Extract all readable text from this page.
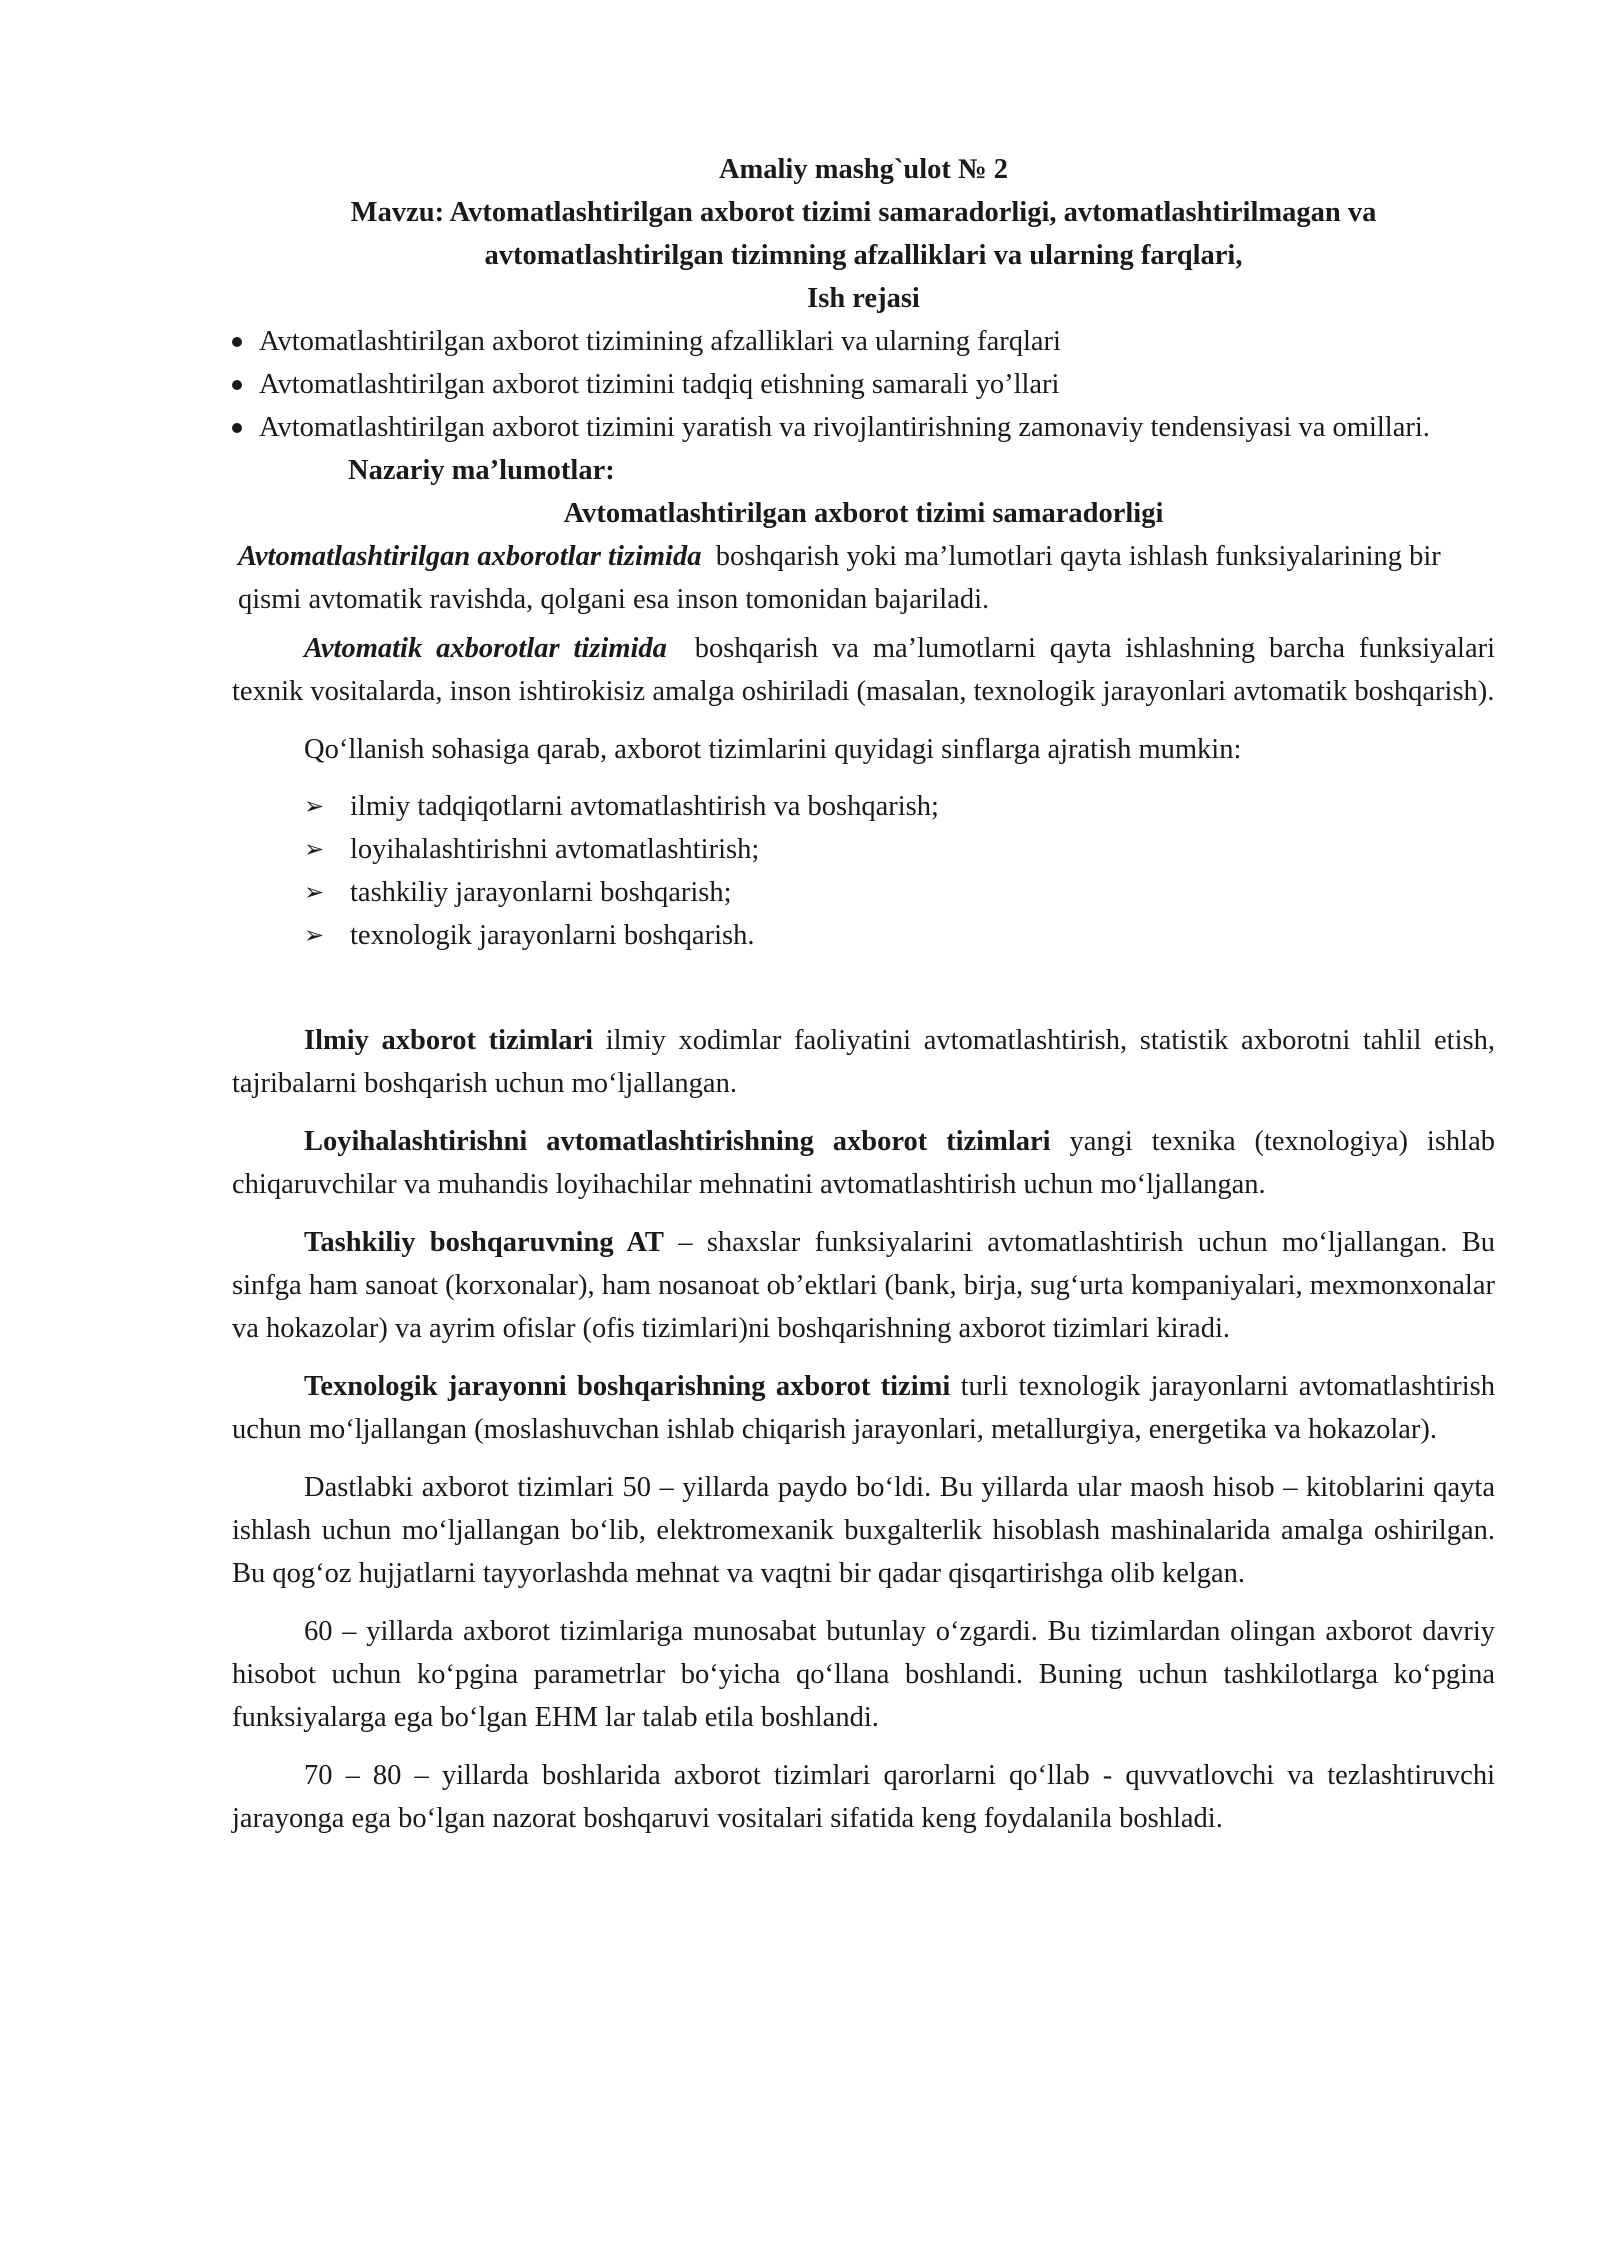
Amaliy mashg`ulot № 2
Mavzu: Avtomatlashtirilgan axborot tizimi samaradorligi, avtomatlashtirilmagan va
avtomatlashtirilgan tizimning afzalliklari va ularning farqlari,
Ish rejasi
Avtomatlashtirilgan axborot tizimining afzalliklari va ularning farqlari
Avtomatlashtirilgan axborot tizimini tadqiq etishning samarali yo’llari
Avtomatlashtirilgan axborot tizimini yaratish va rivojlantirishning zamonaviy tendensiyasi va omillari.
Nazariy ma’lumotlar:
Avtomatlashtirilgan axborot tizimi samaradorligi

Avtomatlashtirilgan axborotlar tizimida boshqarish yoki ma’lumotlari qayta ishlash funksiyalarining bir qismi avtomatik ravishda, qolgani esa inson tomonidan bajariladi.

Avtomatik axborotlar tizimida boshqarish va ma’lumotlarni qayta ishlashning barcha funksiyalari texnik vositalarda, inson ishtirokisiz amalga oshiriladi (masalan, texnologik jarayonlari avtomatik boshqarish).

Qo‘llanish sohasiga qarab, axborot tizimlarini quyidagi sinflarga ajratish mumkin:

➢ ilmiy tadqiqotlarni avtomatlashtirish va boshqarish;
➢ loyihalashtirishni avtomatlashtirish;
➢ tashkiliy jarayonlarni boshqarish;
➢ texnologik jarayonlarni boshqarish.

Ilmiy axborot tizimlari ilmiy xodimlar faoliyatini avtomatlashtirish, statistik axborotni tahlil etish, tajribalarni boshqarish uchun mo‘ljallangan.

Loyihalashtirishni avtomatlashtirishning axborot tizimlari yangi texnika (texnologiya) ishlab chiqaruvchilar va muhandis loyihachilar mehnatini avtomatlashtirish uchun mo‘ljallangan.

Tashkiliy boshqaruvning AT – shaxslar funksiyalarini avtomatlashtirish uchun mo‘ljallangan. Bu sinfga ham sanoat (korxonalar), ham nosanoat ob’ektlari (bank, birja, sug‘urta kompaniyalari, mexmonxonalar va hokazolar) va ayrim ofislar (ofis tizimlari)ni boshqarishning axborot tizimlari kiradi.

Texnologik jarayonni boshqarishning axborot tizimi turli texnologik jarayonlarni avtomatlashtirish uchun mo‘ljallangan (moslashuvchan ishlab chiqarish jarayonlari, metallurgiya, energetika va hokazolar).

Dastlabki axborot tizimlari 50 – yillarda paydo bo‘ldi. Bu yillarda ular maosh hisob – kitoblarini qayta ishlash uchun mo‘ljallangan bo‘lib, elektromexanik buxgalterlik hisoblash mashinalarida amalga oshirilgan. Bu qog‘oz hujjatlarni tayyorlashda mehnat va vaqtni bir qadar qisqartirishga olib kelgan.

60 – yillarda axborot tizimlariga munosabat butunlay o‘zgardi. Bu tizimlardan olingan axborot davriy hisobot uchun ko‘pgina parametrlar bo‘yicha qo‘llana boshlandi. Buning uchun tashkilotlarga ko‘pgina funksiyalarga ega bo‘lgan EHM lar talab etila boshlandi.

70 – 80 – yillarda boshlarida axborot tizimlari qarorlarni qo‘llab - quvvatlovchi va tezlashtiruvchi jarayonga ega bo‘lgan nazorat boshqaruvi vositalari sifatida keng foydalanila boshladi.
